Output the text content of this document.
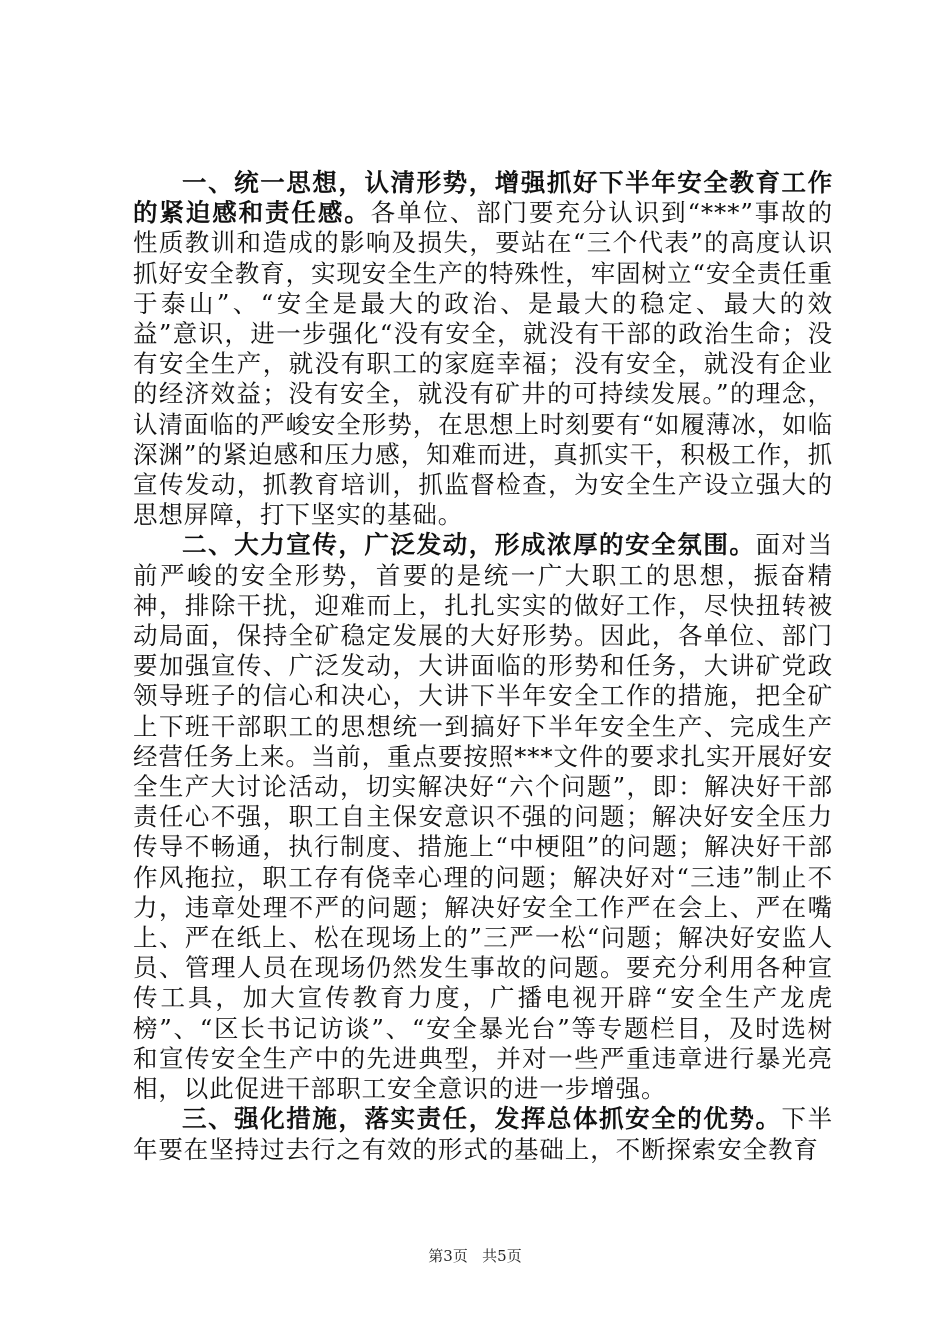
一、统一思想，认清形势，增强抓好下半年安全教育工作的紧迫感和责任感。各单位、部门要充分认识到“***”事故的性质教训和造成的影响及损失，要站在“三个代表”的高度认识抓好安全教育，实现安全生产的特殊性，牢固树立“安全责任重于泰山”、“安全是最大的政治、是最大的稳定、最大的效益”意识，进一步强化“没有安全，就没有干部的政治生命；没有安全生产，就没有职工的家庭幸福；没有安全，就没有企业的经济效益；没有安全，就没有矿井的可持续发展。”的理念，认清面临的严峻安全形势，在思想上时刻要有“如履薄冰，如临深渊”的紧迫感和压力感，知难而进，真抓实干，积极工作，抓宣传发动，抓教育培训，抓监督检查，为安全生产设立强大的思想屏障，打下坚实的基础。

二、大力宣传，广泛发动，形成浓厚的安全氛围。面对当前严峻的安全形势，首要的是统一广大职工的思想，振奋精神，排除干扰，迎难而上，扎扎实实的做好工作，尽快扭转被动局面，保持全矿稳定发展的大好形势。因此，各单位、部门要加强宣传、广泛发动，大讲面临的形势和任务，大讲矿党政领导班子的信心和决心，大讲下半年安全工作的措施，把全矿上下班干部职工的思想统一到搞好下半年安全生产、完成生产经营任务上来。当前，重点要按照***文件的要求扎实开展好安全生产大讨论活动，切实解决好“六个问题”，即：解决好干部责任心不强，职工自主保安意识不强的问题；解决好安全压力传导不畅通，执行制度、措施上“中梗阻”的问题；解决好干部作风拖拉，职工存有侥幸心理的问题；解决好对“三违”制止不力，违章处理不严的问题；解决好安全工作严在会上、严在嘴上、严在纸上、松在现场上的”三严一松“问题；解决好安监人员、管理人员在现场仍然发生事故的问题。要充分利用各种宣传工具，加大宣传教育力度，广播电视开辟“安全生产龙虎榜”、“区长书记访谈”、“安全暴光台”等专题栏目，及时选树和宣传安全生产中的先进典型，并对一些严重违章进行暴光亮相，以此促进干部职工安全意识的进一步增强。

三、强化措施，落实责任，发挥总体抓安全的优势。下半年要在坚持过去行之有效的形式的基础上，不断探索安全教育

第3页 共5页
